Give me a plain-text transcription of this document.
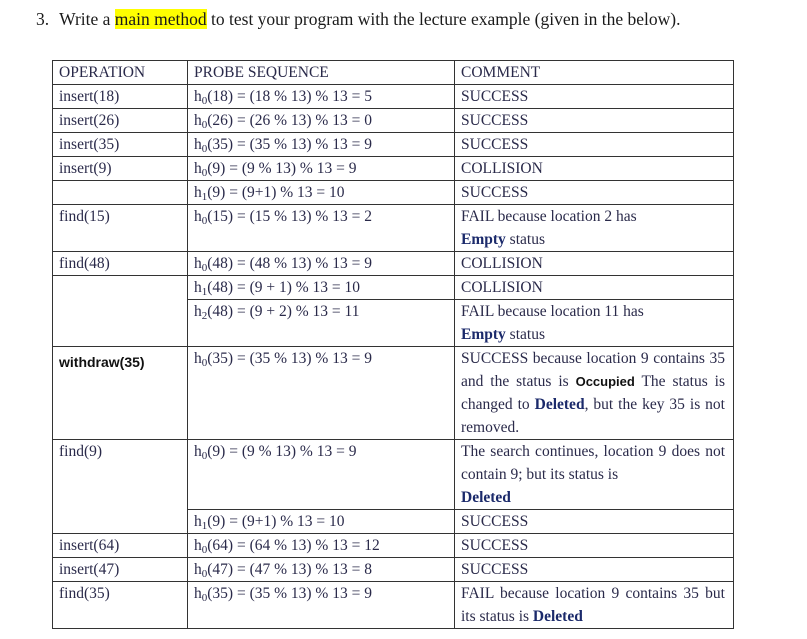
3. Write a main method to test your program with the lecture example (given in the below).
OPERATION	PROBE SEQUENCE	COMMENT
insert(18)	$h_0(18) = (18$ % 13) % 13 = 5	SUCCESS
insert(26)	$h_0(26) = (26$ % 13) % 13 = 0	SUCCESS
insert(35)	$h_0(35) = (35$ % 13) % 13 = 9	SUCCESS
insert(9)	$h_0(9) = (9$ % 13) % 13 = 9	COLLISION
	$h_1(9) = (9+1)$ % 13 = 10	SUCCESS
find(15)	$h_0(15) = (15$ % 13) % 13 = 2	FAIL because location 2 has
Empty status
find(48)	$h_0(48) = (48$ % 13) % 13 = 9	COLLISION
	$h_1(48) = (9 + 1)$ % 13 = 10	COLLISION
	$h_2(48) = (9 + 2)$ % 13 = 11	FAIL because location 11 has
Empty status
withdraw(35)	$h_0(35) = (35$ % 13) % 13 = 9	SUCCESS because location 9 contains 35 and the status is Occupied The status is changed to Deleted, but the key 35 is not removed.
find(9)	$h_0(9) = (9$ % 13) % 13 = 9	The search continues, location 9 does not contain 9; but its status is
Deleted
	$h_1(9) = (9+1)$ % 13 = 10	SUCCESS
insert(64)	$h_0(64) = (64$ % 13) % 13 = 12	SUCCESS
insert(47)	$h_0(47) = (47$ % 13) % 13 = 8	SUCCESS
find(35)	$h_0(35) = (35$ % 13) % 13 = 9	FAIL because location 9 contains 35 but its status is Deleted
